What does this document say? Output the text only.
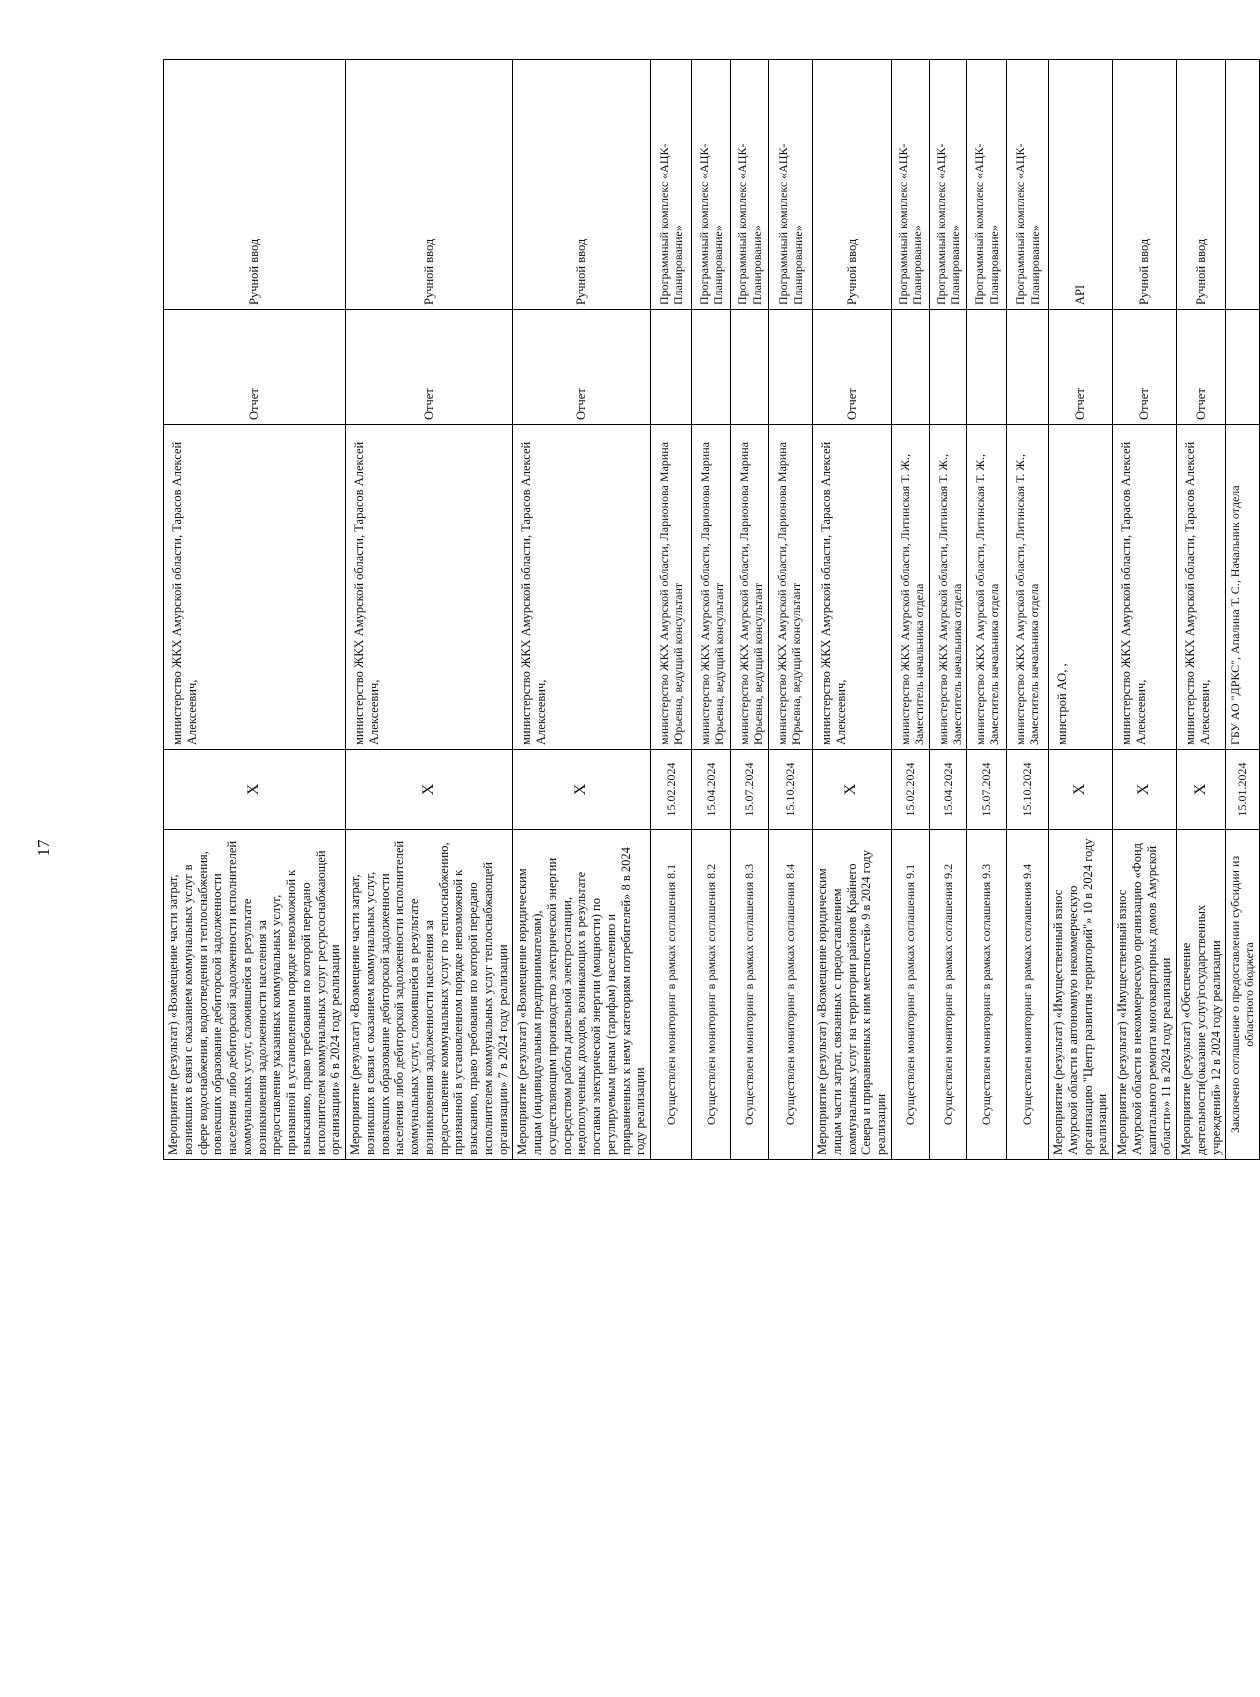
17
Мероприятие (результат) «Возмещение части затрат, возникших в связи с оказанием коммунальных услуг в сфере водоснабжения, водоотведения и теплоснабжения, повлекших образование дебиторской задолженности населения либо дебиторской задолженности исполнителей коммунальных услуг, сложившейся в результате возникновения задолженности населения за предоставление указанных коммунальных услуг, признанной в установленном порядке невозможной к взысканию, право требования по которой передано исполнителем коммунальных услуг ресурсоснабжающей организации» 6 в 2024 году реализации	X	министерство ЖКХ Амурской области, Тарасов Алексей Алексеевич,	Отчет	Ручной ввод
Мероприятие (результат) «Возмещение части затрат, возникших в связи с оказанием коммунальных услуг, повлекших образование дебиторской задолженности населения либо дебиторской задолженности исполнителей коммунальных услуг, сложившейся в результате возникновения задолженности населения за предоставление коммунальных услуг по теплоснабжению, признанной в установленном порядке невозможной к взысканию, право требования по которой передано исполнителем коммунальных услуг теплоснабжающей организации» 7 в 2024 году реализации	X	министерство ЖКХ Амурской области, Тарасов Алексей Алексеевич,	Отчет	Ручной ввод
Мероприятие (результат) «Возмещение юридическим лицам (индивидуальным предпринимателям), осуществляющим производство электрической энергии посредством работы дизельной электростанции, недополученных доходов, возникающих в результате поставки электрической энергии (мощности) по регулируемым ценам (тарифам) населению и приравненных к нему категориям потребителей» 8 в 2024 году реализации	X	министерство ЖКХ Амурской области, Тарасов Алексей Алексеевич,	Отчет	Ручной ввод
Осуществлен мониторинг в рамках соглашения 8.1	15.02.2024	министерство ЖКХ Амурской области, Ларионова Марина Юрьевна, ведущий консультант		Программный комплекс «АЦК-Планирование»
Осуществлен мониторинг в рамках соглашения 8.2	15.04.2024	министерство ЖКХ Амурской области, Ларионова Марина Юрьевна, ведущий консультант		Программный комплекс «АЦК-Планирование»
Осуществлен мониторинг в рамках соглашения 8.3	15.07.2024	министерство ЖКХ Амурской области, Ларионова Марина Юрьевна, ведущий консультант		Программный комплекс «АЦК-Планирование»
Осуществлен мониторинг в рамках соглашения 8.4	15.10.2024	министерство ЖКХ Амурской области, Ларионова Марина Юрьевна, ведущий консультант		Программный комплекс «АЦК-Планирование»
Мероприятие (результат) «Возмещение юридическим лицам части затрат, связанных с предоставлением коммунальных услуг на территории районов Крайнего Севера и приравненных к ним местностей» 9 в 2024 году реализации	X	министерство ЖКХ Амурской области, Тарасов Алексей Алексеевич,	Отчет	Ручной ввод
Осуществлен мониторинг в рамках соглашения 9.1	15.02.2024	министерство ЖКХ Амурской области, Литинская Т. Ж., Заместитель начальника отдела		Программный комплекс «АЦК-Планирование»
Осуществлен мониторинг в рамках соглашения 9.2	15.04.2024	министерство ЖКХ Амурской области, Литинская Т. Ж., Заместитель начальника отдела		Программный комплекс «АЦК-Планирование»
Осуществлен мониторинг в рамках соглашения 9.3	15.07.2024	министерство ЖКХ Амурской области, Литинская Т. Ж., Заместитель начальника отдела		Программный комплекс «АЦК-Планирование»
Осуществлен мониторинг в рамках соглашения 9.4	15.10.2024	министерство ЖКХ Амурской области, Литинская Т. Ж., Заместитель начальника отдела		Программный комплекс «АЦК-Планирование»
Мероприятие (результат) «Имущественный взнос Амурской области в автономную некоммерческую организацию "Центр развития территорий"» 10 в 2024 году реализации	X	минстрой АО, ,	Отчет	API
Мероприятие (результат) «Имущественный взнос Амурской области в некоммерческую организацию «Фонд капитального ремонта многоквартирных домов Амурской области»» 11 в 2024 году реализации	X	министерство ЖКХ Амурской области, Тарасов Алексей Алексеевич,	Отчет	Ручной ввод
Мероприятие (результат) «Обеспечение деятельности(оказание услуг)государственных учреждений» 12 в 2024 году реализации	X	министерство ЖКХ Амурской области, Тарасов Алексей Алексеевич,	Отчет	Ручной ввод
Заключено соглашение о предоставлении субсидии из областного бюджета	15.01.2024	ГБУ АО "ДРКС", Апалина Т. С., Начальник отдела		
